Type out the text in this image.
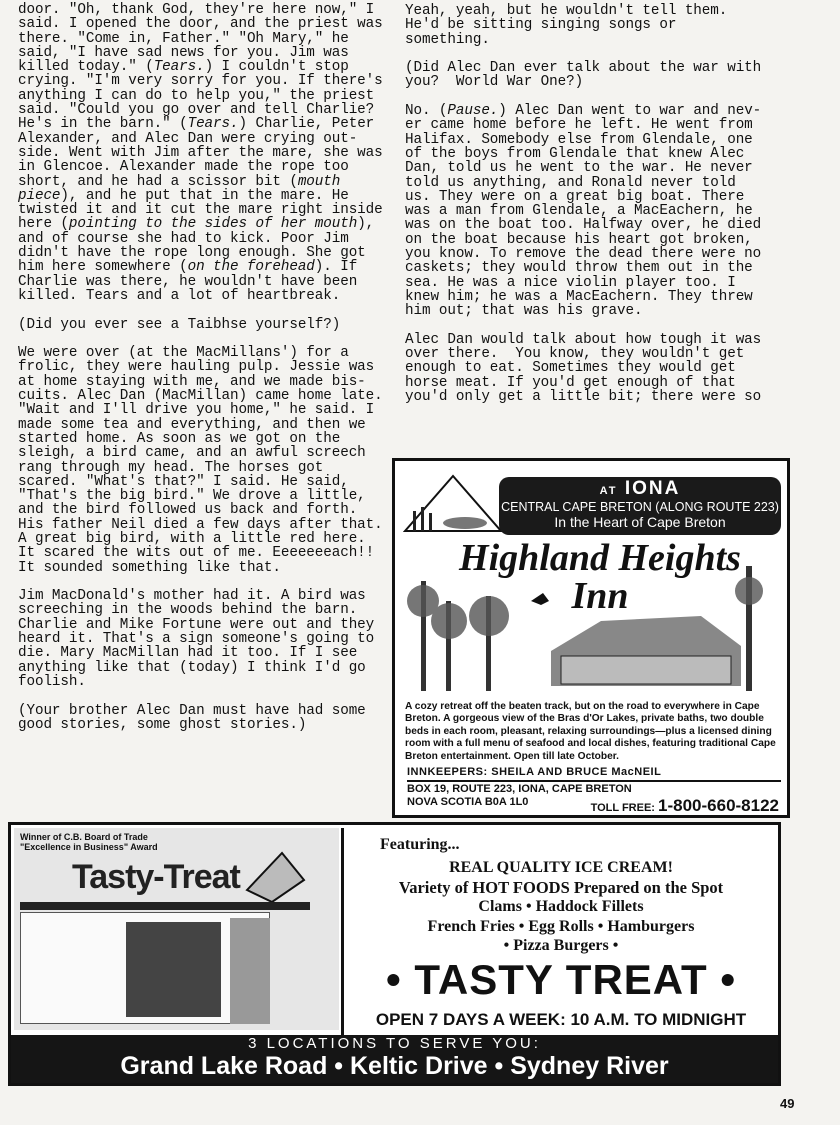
door. "Oh, thank God, they're here now," I
said. I opened the door, and the priest was
there. "Come in, Father." "Oh Mary," he
said, "I have sad news for you. Jim was
killed today." (Tears.) I couldn't stop
crying. "I'm very sorry for you. If there's
anything I can do to help you," the priest
said. "Could you go over and tell Charlie?
He's in the barn." (Tears.) Charlie, Peter
Alexander, and Alec Dan were crying out-
side. Went with Jim after the mare, she was
in Glencoe. Alexander made the rope too
short, and he had a scissor bit (mouth
piece), and he put that in the mare. He
twisted it and it cut the mare right inside
here (pointing to the sides of her mouth),
and of course she had to kick. Poor Jim
didn't have the rope long enough. She got
him here somewhere (on the forehead). If
Charlie was there, he wouldn't have been
killed. Tears and a lot of heartbreak.
(Did you ever see a Taibhse yourself?)
We were over (at the MacMillans') for a
frolic, they were hauling pulp. Jessie was
at home staying with me, and we made bis-
cuits. Alec Dan (MacMillan) came home late.
"Wait and I'll drive you home," he said. I
made some tea and everything, and then we
started home. As soon as we got on the
sleigh, a bird came, and an awful screech
rang through my head. The horses got
scared. "What's that?" I said. He said,
"That's the big bird." We drove a little,
and the bird followed us back and forth.
His father Neil died a few days after that.
A great big bird, with a little red here.
It scared the wits out of me. Eeeeeeeach!!
It sounded something like that.
Jim MacDonald's mother had it. A bird was
screeching in the woods behind the barn.
Charlie and Mike Fortune were out and they
heard it. That's a sign someone's going to
die. Mary MacMillan had it too. If I see
anything like that (today) I think I'd go
foolish.
(Your brother Alec Dan must have had some
good stories, some ghost stories.)
Yeah, yeah, but he wouldn't tell them.
He'd be sitting singing songs or
something.
(Did Alec Dan ever talk about the war with
you?  World War One?)
No. (Pause.) Alec Dan went to war and nev-
er came home before he left. He went from
Halifax. Somebody else from Glendale, one
of the boys from Glendale that knew Alec
Dan, told us he went to the war. He never
told us anything, and Ronald never told
us. They were on a great big boat. There
was a man from Glendale, a MacEachern, he
was on the boat too. Halfway over, he died
on the boat because his heart got broken,
you know. To remove the dead there were no
caskets; they would throw them out in the
sea. He was a nice violin player too. I
knew him; he was a MacEachern. They threw
him out; that was his grave.
Alec Dan would talk about how tough it was
over there.  You know, they wouldn't get
enough to eat. Sometimes they would get
horse meat. If you'd get enough of that
you'd only get a little bit; there were so
AT IONA
CENTRAL CAPE BRETON (ALONG ROUTE 223)
In the Heart of Cape Breton
Highland Heights
Inn
A cozy retreat off the beaten track, but on the road to everywhere in Cape Breton. A gorgeous view of the Bras d'Or Lakes, private baths, two double beds in each room, pleasant, relaxing surroundings—plus a licensed dining room with a full menu of seafood and local dishes, featuring traditional Cape Breton entertainment. Open till late October.
INNKEEPERS: SHEILA AND BRUCE MacNEIL
BOX 19, ROUTE 223, IONA, CAPE BRETON
NOVA SCOTIA B0A 1L0	TOLL FREE: 1-800-660-8122
Winner of C.B. Board of Trade
"Excellence in Business" Award
Tasty-Treat
Featuring...
REAL QUALITY ICE CREAM!
Variety of HOT FOODS Prepared on the Spot
Clams • Haddock Fillets
French Fries • Egg Rolls • Hamburgers
• Pizza Burgers •
• TASTY TREAT •
OPEN 7 DAYS A WEEK: 10 A.M. TO MIDNIGHT
3 LOCATIONS TO SERVE YOU:
Grand Lake Road • Keltic Drive • Sydney River
49
